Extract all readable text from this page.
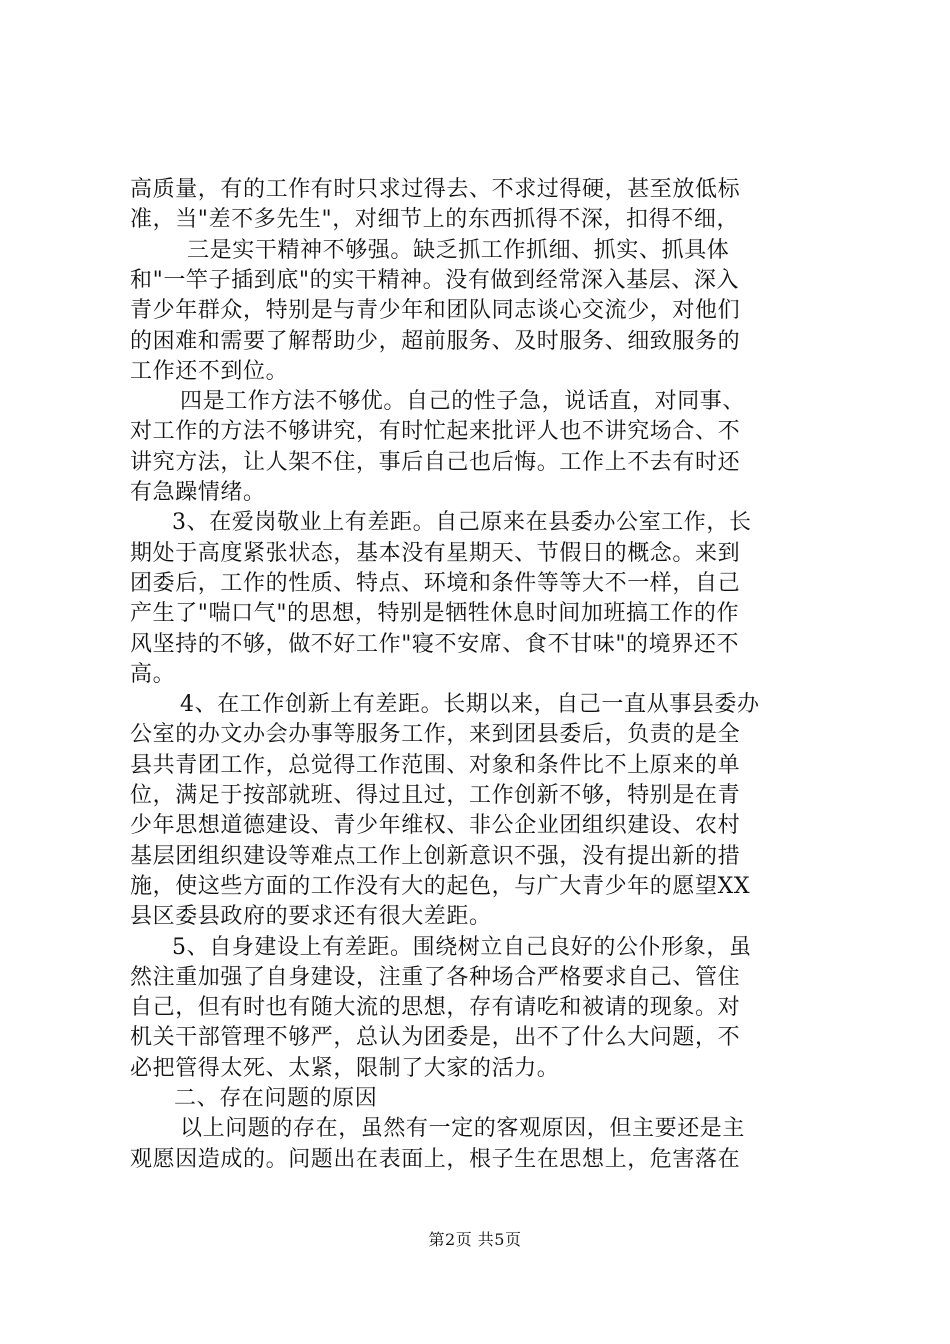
高质量，有的工作有时只求过得去、不求过得硬，甚至放低标
准，当"差不多先生"，对细节上的东西抓得不深，扣得不细，
三是实干精神不够强。缺乏抓工作抓细、抓实、抓具体
和"一竿子插到底"的实干精神。没有做到经常深入基层、深入
青少年群众，特别是与青少年和团队同志谈心交流少，对他们
的困难和需要了解帮助少，超前服务、及时服务、细致服务的
工作还不到位。
四是工作方法不够优。自己的性子急，说话直，对同事、
对工作的方法不够讲究，有时忙起来批评人也不讲究场合、不
讲究方法，让人架不住，事后自己也后悔。工作上不去有时还
有急躁情绪。
3、在爱岗敬业上有差距。自己原来在县委办公室工作，长
期处于高度紧张状态，基本没有星期天、节假日的概念。来到
团委后，工作的性质、特点、环境和条件等等大不一样，自己
产生了"喘口气"的思想，特别是牺牲休息时间加班搞工作的作
风坚持的不够，做不好工作"寝不安席、食不甘味"的境界还不
高。
4、在工作创新上有差距。长期以来，自己一直从事县委办
公室的办文办会办事等服务工作，来到团县委后，负责的是全
县共青团工作，总觉得工作范围、对象和条件比不上原来的单
位，满足于按部就班、得过且过，工作创新不够，特别是在青
少年思想道德建设、青少年维权、非公企业团组织建设、农村
基层团组织建设等难点工作上创新意识不强，没有提出新的措
施，使这些方面的工作没有大的起色，与广大青少年的愿望XX
县区委县政府的要求还有很大差距。
5、自身建设上有差距。围绕树立自己良好的公仆形象，虽
然注重加强了自身建设，注重了各种场合严格要求自己、管住
自己，但有时也有随大流的思想，存有请吃和被请的现象。对
机关干部管理不够严，总认为团委是，出不了什么大问题，不
必把管得太死、太紧，限制了大家的活力。
二、存在问题的原因
以上问题的存在，虽然有一定的客观原因，但主要还是主
观愿因造成的。问题出在表面上，根子生在思想上，危害落在
第2页 共5页
